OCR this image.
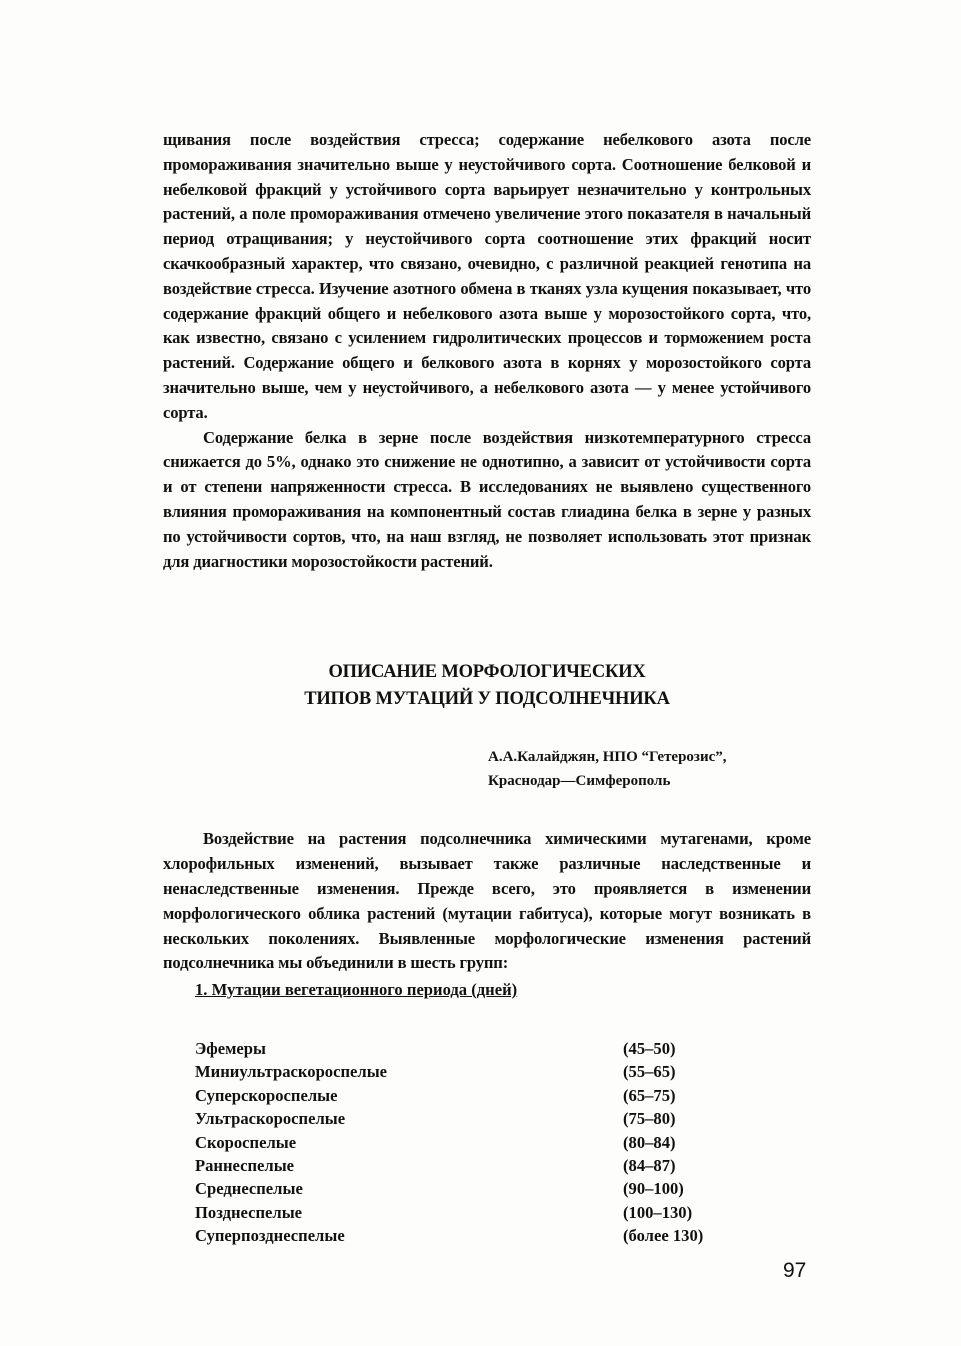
щивания после воздействия стресса; содержание небелкового азота после проморaживания значительно выше у неустойчивого сорта. Соотношение белковой и небелковой фракций у устойчивого сорта варьирует незначительно у контрольных растений, а поле проморaживания отмечено увеличение этого показателя в начальный период отращивания; у неустойчивого сорта соотношение этих фракций носит скачкообразный характер, что связано, очевидно, с различной реакцией генотипа на воздействие стресса. Изучение азотного обмена в тканях узла кущения показывает, что содержание фракций общего и небелкового азота выше у морозостойкого сорта, что, как известно, связано с усилением гидролитических процессов и торможением роста растений. Содержание общего и белкового азота в корнях у морозостойкого сорта значительно выше, чем у неустойчивого, а небелкового азота — у менее устойчивого сорта.

Содержание белка в зерне после воздействия низкотемпературного стресса снижается до 5%, однако это снижение не однотипно, а зависит от устойчивости сорта и от степени напряженности стресса. В исследованиях не выявлено существенного влияния проморaживания на компонентный состав глиадина белка в зерне у разных по устойчивости сортов, что, на наш взгляд, не позволяет использовать этот признак для диагностики морозостойкости растений.

ОПИСАНИЕ МОРФОЛОГИЧЕСКИХ
ТИПОВ МУТАЦИЙ У ПОДСОЛНЕЧНИКА
А.А.Калайджян, НПО “Гетерозис”,
Краснодар—Симферополь

Воздействие на растения подсолнечника химическими мутагенами, кроме хлорофильных изменений, вызывает также различные наследственные и ненаследственные изменения. Прежде всего, это проявляется в изменении морфологического облика растений (мутации габитуса), которые могут возникать в нескольких поколениях. Выявленные морфологические изменения растений подсолнечника мы объединили в шесть групп:

1. Мутации вегетационного периода (дней)
Эфемеры	(45–50)
Миниультраскороспелые	(55–65)
Суперскороспелые	(65–75)
Ультраскороспелые	(75–80)
Скороспелые	(80–84)
Раннеспелые	(84–87)
Среднеспелые	(90–100)
Позднеспелые	(100–130)
Суперпозднеспелые	(более 130)
97
